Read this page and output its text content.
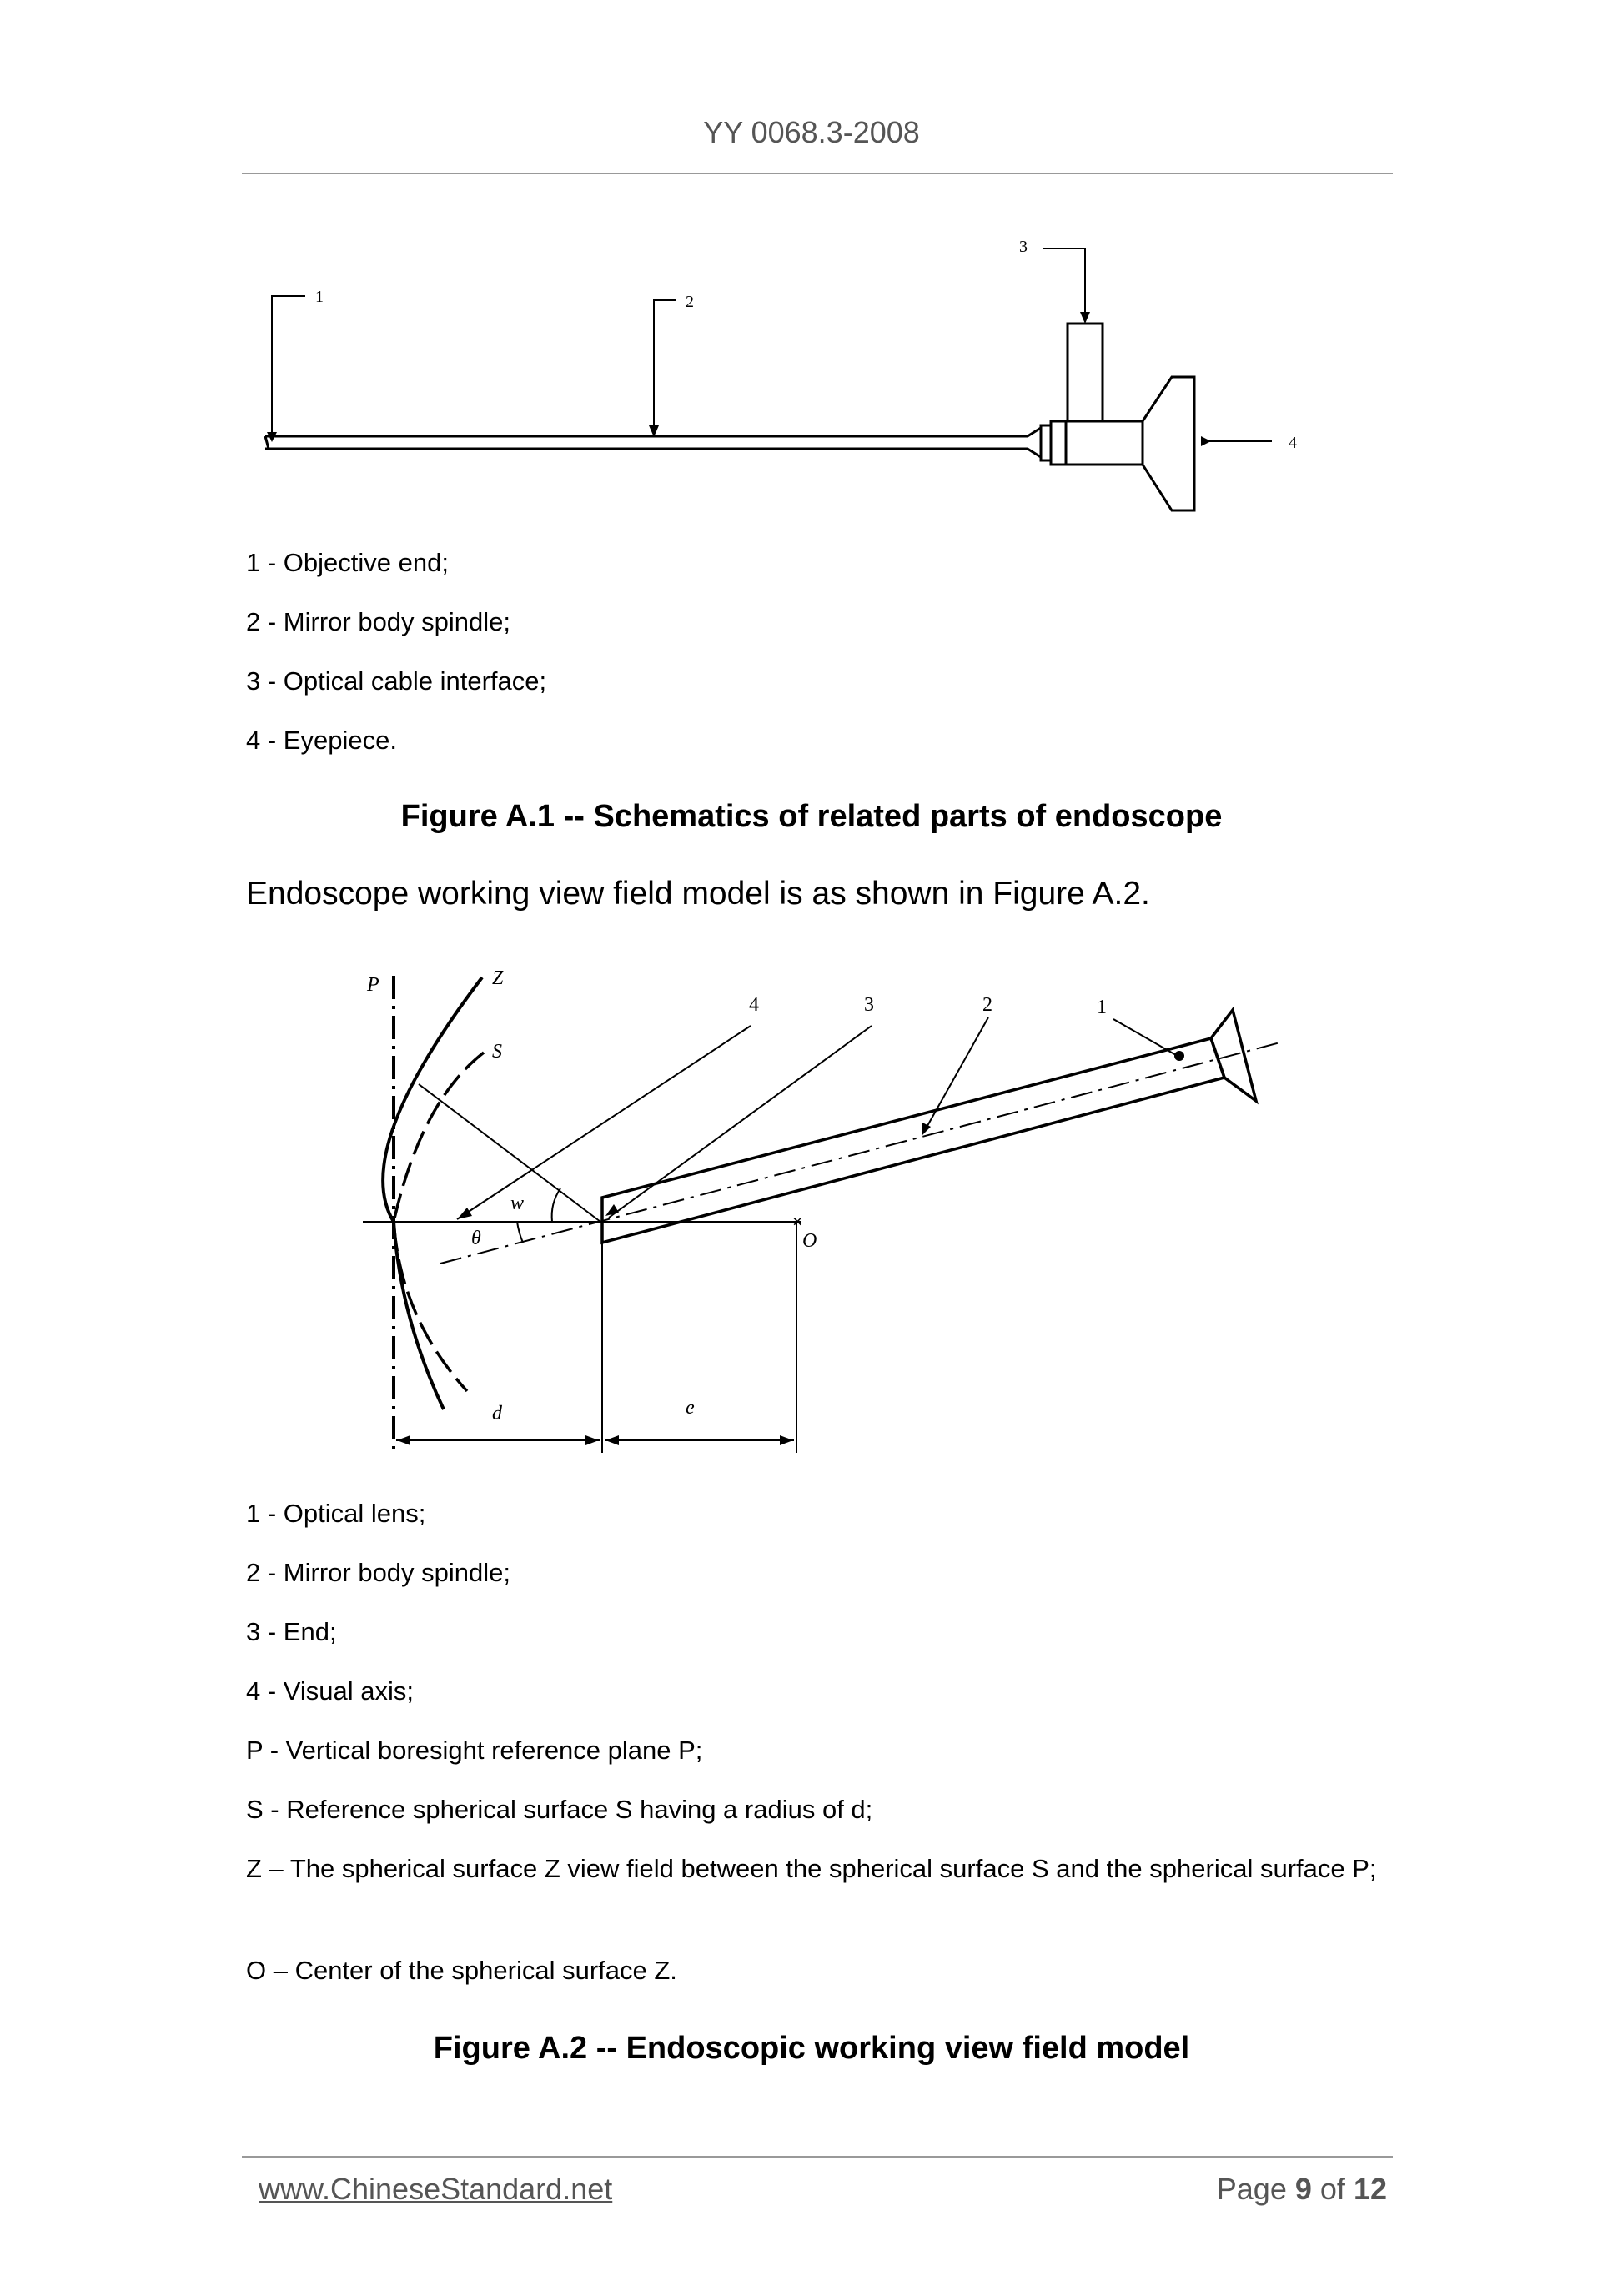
YY 0068.3-2008
1	2
3
4
1 - Objective end;
2 - Mirror body spindle;
3 - Optical cable interface;
4 - Eyepiece.
Figure A.1 -- Schematics of related parts of endoscope
Endoscope working view field model is as shown in Figure A.2.
×
P	Z
S
O
w
θ
d	e
4	3	2	1
1 - Optical lens;
2 - Mirror body spindle;
3 - End;
4 - Visual axis;
P - Vertical boresight reference plane P;
S - Reference spherical surface S having a radius of d;
Z – The spherical surface Z view field between the spherical surface S and the spherical surface P;
O – Center of the spherical surface Z.
Figure A.2 -- Endoscopic working view field model
www.ChineseStandard.net	Page 9 of 12
